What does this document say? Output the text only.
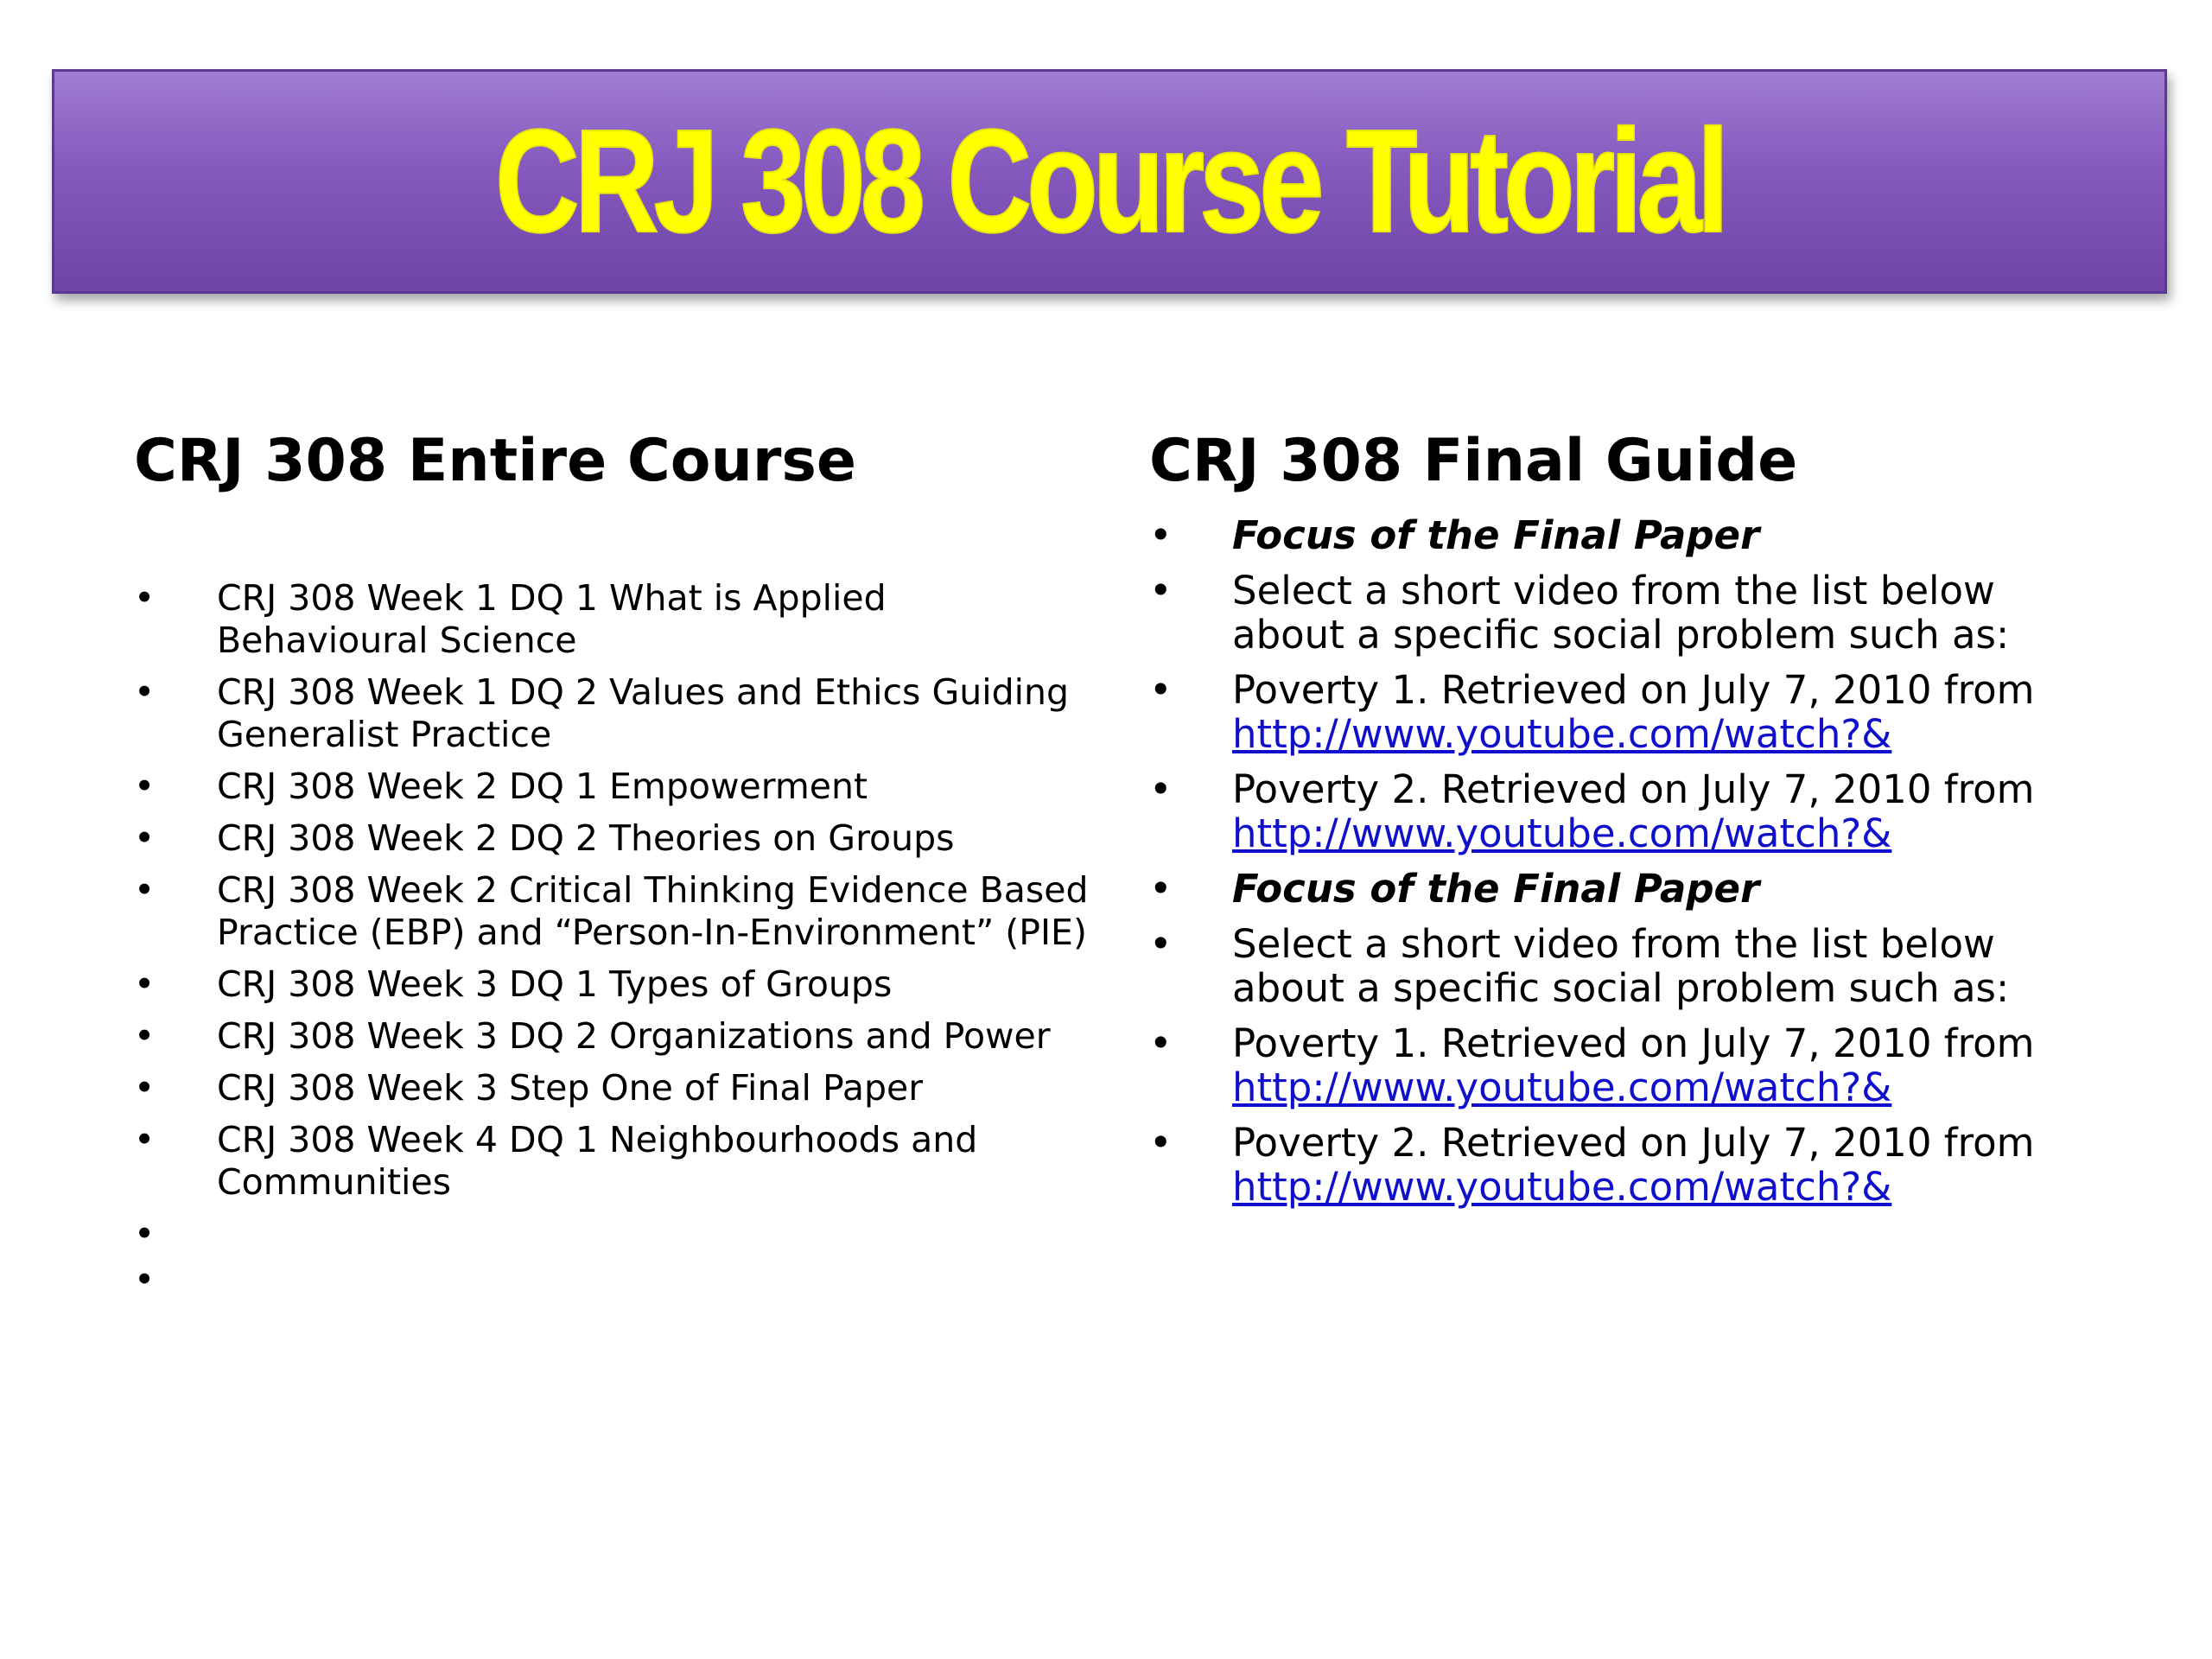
CRJ 308 Course Tutorial
CRJ 308 Entire Course
• CRJ 308 Week 1 DQ 1 What is Applied Behavioural Science
• CRJ 308 Week 1 DQ 2 Values and Ethics Guiding Generalist Practice
• CRJ 308 Week 2 DQ 1 Empowerment
• CRJ 308 Week 2 DQ 2 Theories on Groups
• CRJ 308 Week 2 Critical Thinking Evidence Based Practice (EBP) and “Person-In-Environment” (PIE)
• CRJ 308 Week 3 DQ 1 Types of Groups
• CRJ 308 Week 3 DQ 2 Organizations and Power
• CRJ 308 Week 3 Step One of Final Paper
• CRJ 308 Week 4 DQ 1 Neighbourhoods and Communities
•
•
CRJ 308 Final Guide
• Focus of the Final Paper
• Select a short video from the list below about a specific social problem such as:
• Poverty 1. Retrieved on July 7, 2010 from
http://www.youtube.com/watch?&
• Poverty 2. Retrieved on July 7, 2010 from
http://www.youtube.com/watch?&
• Focus of the Final Paper
• Select a short video from the list below about a specific social problem such as:
• Poverty 1. Retrieved on July 7, 2010 from
http://www.youtube.com/watch?&
• Poverty 2. Retrieved on July 7, 2010 from
http://www.youtube.com/watch?&
